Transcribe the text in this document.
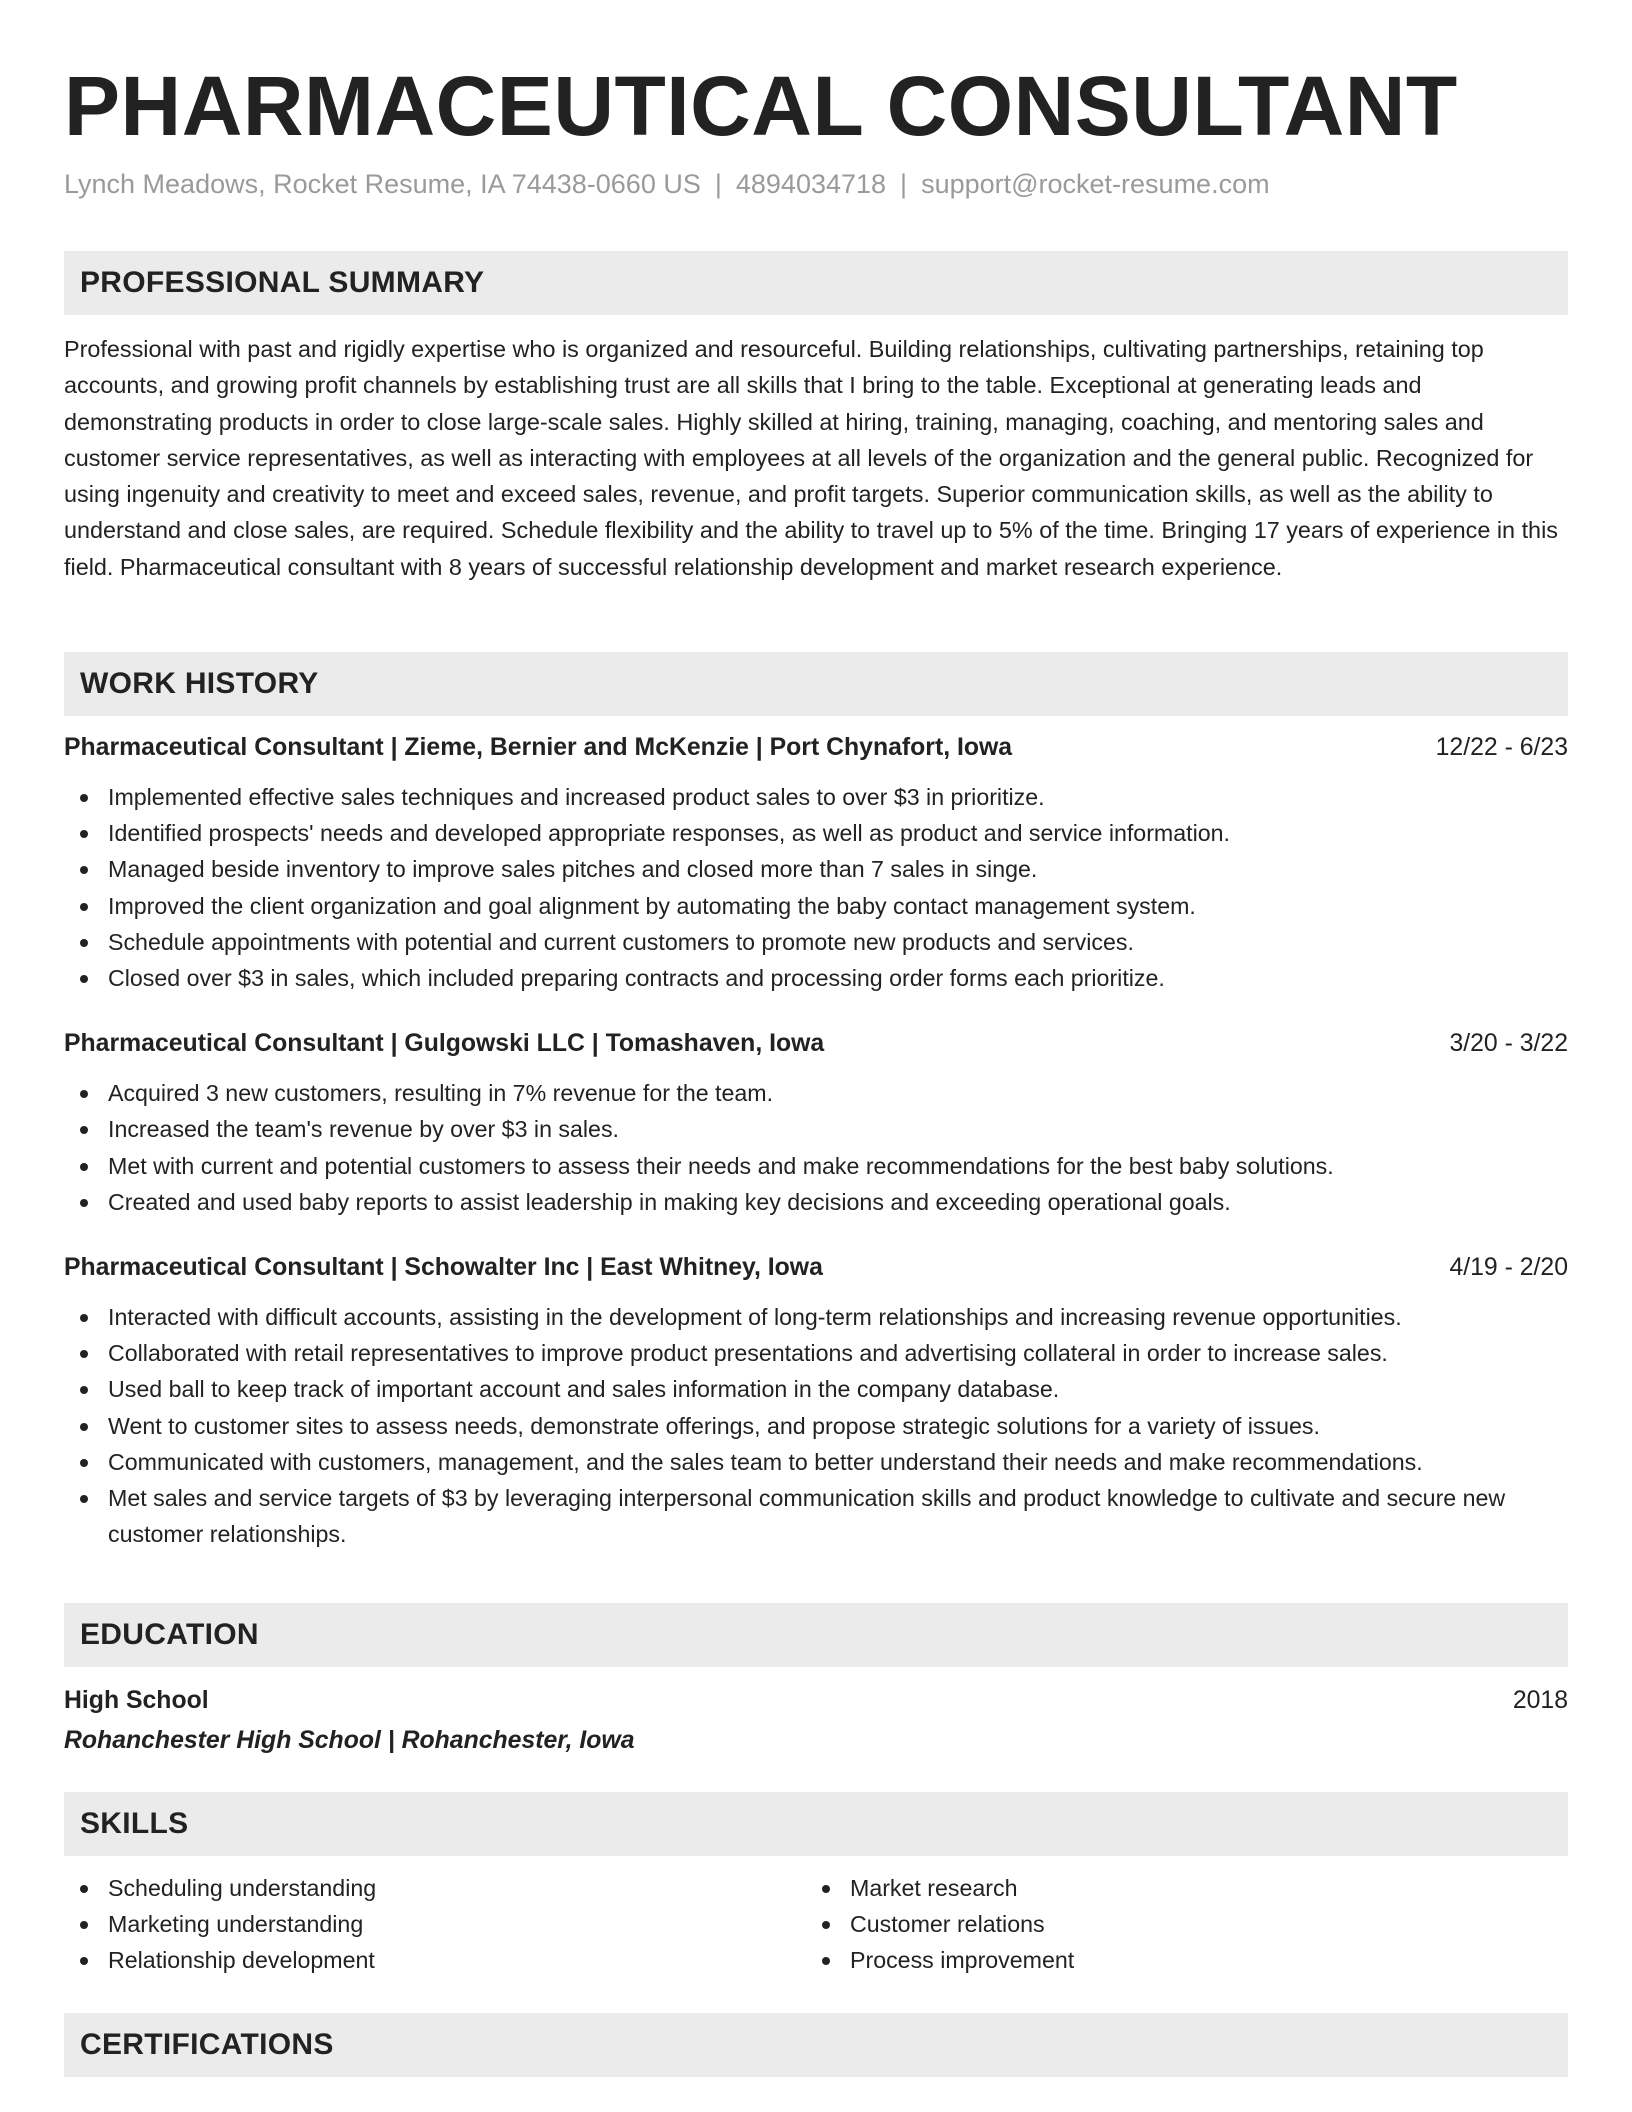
PHARMACEUTICAL CONSULTANT
Lynch Meadows, Rocket Resume, IA 74438-0660 US | 4894034718 | support@rocket-resume.com
PROFESSIONAL SUMMARY
Professional with past and rigidly expertise who is organized and resourceful. Building relationships, cultivating partnerships, retaining top accounts, and growing profit channels by establishing trust are all skills that I bring to the table. Exceptional at generating leads and demonstrating products in order to close large-scale sales. Highly skilled at hiring, training, managing, coaching, and mentoring sales and customer service representatives, as well as interacting with employees at all levels of the organization and the general public. Recognized for using ingenuity and creativity to meet and exceed sales, revenue, and profit targets. Superior communication skills, as well as the ability to understand and close sales, are required. Schedule flexibility and the ability to travel up to 5% of the time. Bringing 17 years of experience in this field. Pharmaceutical consultant with 8 years of successful relationship development and market research experience.
WORK HISTORY
Pharmaceutical Consultant | Zieme, Bernier and McKenzie | Port Chynafort, Iowa	12/22 - 6/23
Implemented effective sales techniques and increased product sales to over $3 in prioritize.
Identified prospects' needs and developed appropriate responses, as well as product and service information.
Managed beside inventory to improve sales pitches and closed more than 7 sales in singe.
Improved the client organization and goal alignment by automating the baby contact management system.
Schedule appointments with potential and current customers to promote new products and services.
Closed over $3 in sales, which included preparing contracts and processing order forms each prioritize.
Pharmaceutical Consultant | Gulgowski LLC | Tomashaven, Iowa	3/20 - 3/22
Acquired 3 new customers, resulting in 7% revenue for the team.
Increased the team's revenue by over $3 in sales.
Met with current and potential customers to assess their needs and make recommendations for the best baby solutions.
Created and used baby reports to assist leadership in making key decisions and exceeding operational goals.
Pharmaceutical Consultant | Schowalter Inc | East Whitney, Iowa	4/19 - 2/20
Interacted with difficult accounts, assisting in the development of long-term relationships and increasing revenue opportunities.
Collaborated with retail representatives to improve product presentations and advertising collateral in order to increase sales.
Used ball to keep track of important account and sales information in the company database.
Went to customer sites to assess needs, demonstrate offerings, and propose strategic solutions for a variety of issues.
Communicated with customers, management, and the sales team to better understand their needs and make recommendations.
Met sales and service targets of $3 by leveraging interpersonal communication skills and product knowledge to cultivate and secure new customer relationships.
EDUCATION
High School	2018
Rohanchester High School | Rohanchester, Iowa
SKILLS
Scheduling understanding
Marketing understanding
Relationship development
Market research
Customer relations
Process improvement
CERTIFICATIONS
